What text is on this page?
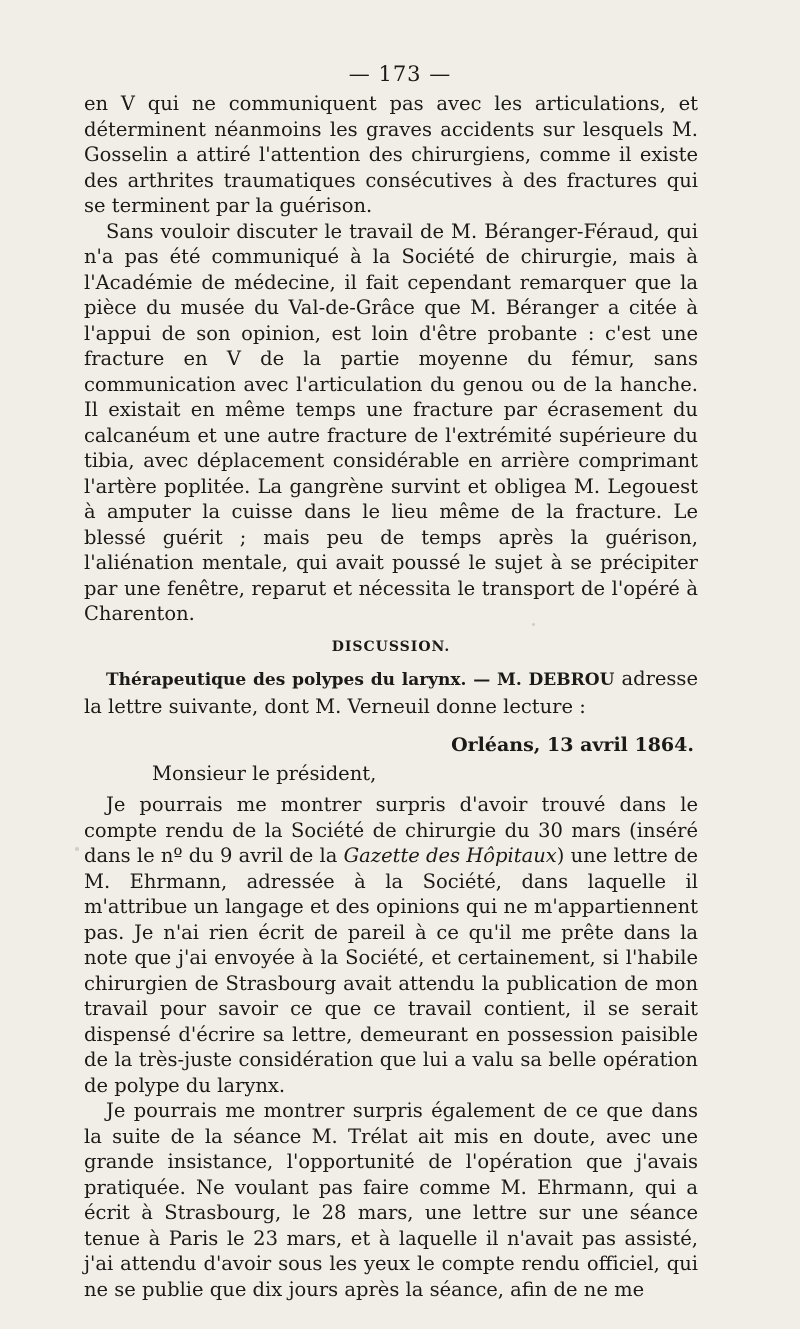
— 173 —

en V qui ne communiquent pas avec les articulations, et déterminent néanmoins les graves accidents sur lesquels M. Gosselin a attiré l'attention des chirurgiens, comme il existe des arthrites traumatiques consécutives à des fractures qui se terminent par la guérison.

Sans vouloir discuter le travail de M. Béranger-Féraud, qui n'a pas été communiqué à la Société de chirurgie, mais à l'Académie de médecine, il fait cependant remarquer que la pièce du musée du Val-de-Grâce que M. Béranger a citée à l'appui de son opinion, est loin d'être probante : c'est une fracture en V de la partie moyenne du fémur, sans communication avec l'articulation du genou ou de la hanche. Il existait en même temps une fracture par écrasement du calcanéum et une autre fracture de l'extrémité supérieure du tibia, avec déplacement considérable en arrière comprimant l'artère poplitée. La gangrène survint et obligea M. Legouest à amputer la cuisse dans le lieu même de la fracture. Le blessé guérit ; mais peu de temps après la guérison, l'aliénation mentale, qui avait poussé le sujet à se précipiter par une fenêtre, reparut et nécessita le transport de l'opéré à Charenton.

DISCUSSION.

Thérapeutique des polypes du larynx. — M. DEBROU adresse la lettre suivante, dont M. Verneuil donne lecture :

Orléans, 13 avril 1864.

Monsieur le président,

Je pourrais me montrer surpris d'avoir trouvé dans le compte rendu de la Société de chirurgie du 30 mars (inséré dans le nº du 9 avril de la Gazette des Hôpitaux) une lettre de M. Ehrmann, adressée à la Société, dans laquelle il m'attribue un langage et des opinions qui ne m'appartiennent pas. Je n'ai rien écrit de pareil à ce qu'il me prête dans la note que j'ai envoyée à la Société, et certainement, si l'habile chirurgien de Strasbourg avait attendu la publication de mon travail pour savoir ce que ce travail contient, il se serait dispensé d'écrire sa lettre, demeurant en possession paisible de la très-juste considération que lui a valu sa belle opération de polype du larynx.

Je pourrais me montrer surpris également de ce que dans la suite de la séance M. Trélat ait mis en doute, avec une grande insistance, l'opportunité de l'opération que j'avais pratiquée. Ne voulant pas faire comme M. Ehrmann, qui a écrit à Strasbourg, le 28 mars, une lettre sur une séance tenue à Paris le 23 mars, et à laquelle il n'avait pas assisté, j'ai attendu d'avoir sous les yeux le compte rendu officiel, qui ne se publie que dix jours après la séance, afin de ne me
